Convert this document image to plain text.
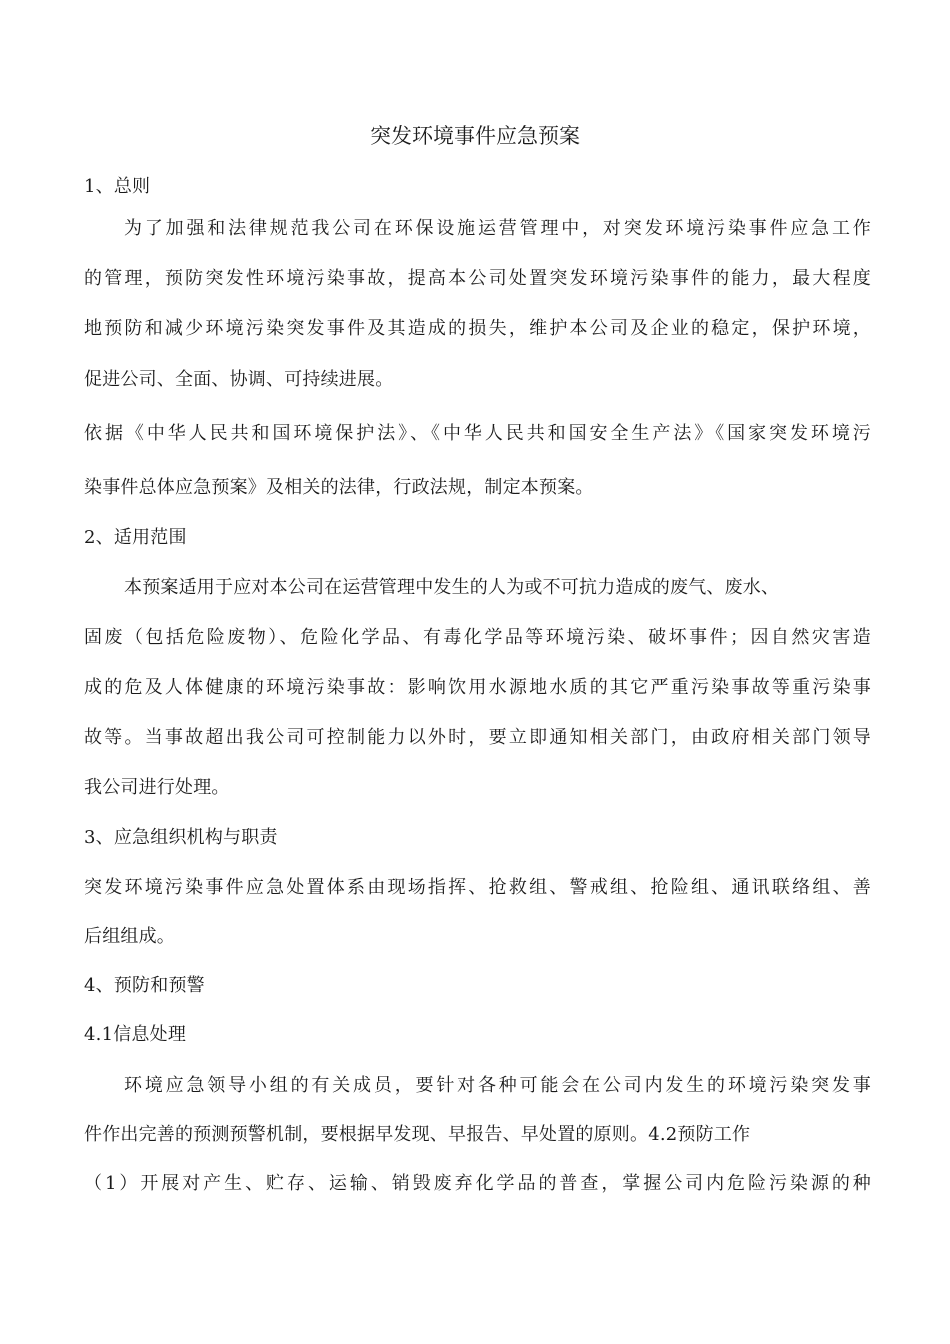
突发环境事件应急预案
1、总则
为了加强和法律规范我公司在环保设施运营管理中，对突发环境污染事件应急工作
的管理，预防突发性环境污染事故，提高本公司处置突发环境污染事件的能力，最大程度
地预防和减少环境污染突发事件及其造成的损失，维护本公司及企业的稳定，保护环境，
促进公司、全面、协调、可持续进展。
依据《中华人民共和国环境保护法》、《中华人民共和国安全生产法》《国家突发环境污
染事件总体应急预案》及相关的法律，行政法规，制定本预案。
2、适用范围
本预案适用于应对本公司在运营管理中发生的人为或不可抗力造成的废气、废水、
固废（包括危险废物）、危险化学品、有毒化学品等环境污染、破坏事件；因自然灾害造
成的危及人体健康的环境污染事故：影响饮用水源地水质的其它严重污染事故等重污染事
故等。当事故超出我公司可控制能力以外时，要立即通知相关部门，由政府相关部门领导
我公司进行处理。
3、应急组织机构与职责
突发环境污染事件应急处置体系由现场指挥、抢救组、警戒组、抢险组、通讯联络组、善
后组组成。
4、预防和预警
4.1信息处理
环境应急领导小组的有关成员，要针对各种可能会在公司内发生的环境污染突发事
件作出完善的预测预警机制，要根据早发现、早报告、早处置的原则。4.2预防工作
（1）开展对产生、贮存、运输、销毁废弃化学品的普查，掌握公司内危险污染源的种
